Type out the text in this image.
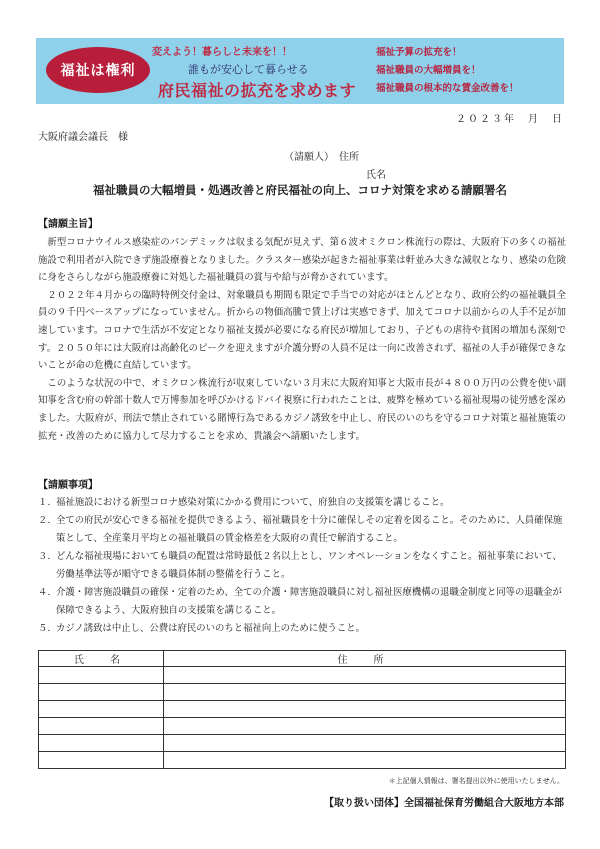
福祉は権利
変えよう！暮らしと未来を！！
誰もが安心して暮らせる
府民福祉の拡充を求めます
福祉予算の拡充を！
福祉職員の大幅増員を！
福祉職員の根本的な賃金改善を！
２０２３年　月　日
大阪府議会議長　様
（請願人）　住所
氏名
福祉職員の大幅増員・処遇改善と府民福祉の向上、コロナ対策を求める請願署名
【請願主旨】

新型コロナウイルス感染症のパンデミックは収まる気配が見えず、第６波オミクロン株流行の際は、大阪府下の多くの福祉施設で利用者が入院できず施設療養となりました。クラスター感染が起きた福祉事業は軒並み大きな減収となり、感染の危険に身をさらしながら施設療養に対処した福祉職員の賞与や給与が脅かされています。

２０２２年４月からの臨時特例交付金は、対象職員も期間も限定で手当での対応がほとんどとなり、政府公約の福祉職員全員の９千円ベースアップになっていません。折からの物価高騰で賃上げは実感できず、加えてコロナ以前からの人手不足が加速しています。コロナで生活が不安定となり福祉支援が必要になる府民が増加しており、子どもの虐待や貧困の増加も深刻です。２０５０年には大阪府は高齢化のピークを迎えますが介護分野の人員不足は一向に改善されず、福祉の人手が確保できないことが命の危機に直結しています。

このような状況の中で、オミクロン株流行が収束していない３月末に大阪府知事と大阪市長が４８００万円の公費を使い副知事を含む府の幹部十数人で万博参加を呼びかけるドバイ視察に行われたことは、疲弊を極めている福祉現場の徒労感を深めました。大阪府が、刑法で禁止されている賭博行為であるカジノ誘致を中止し、府民のいのちを守るコロナ対策と福祉施策の拡充・改善のために協力して尽力することを求め、貴議会へ請願いたします。

【請願事項】
１. 福祉施設における新型コロナ感染対策にかかる費用について、府独自の支援策を講じること。
２. 全ての府民が安心できる福祉を提供できるよう、福祉職員を十分に確保しその定着を図ること。そのために、人員確保施策として、全産業月平均との福祉職員の賃金格差を大阪府の責任で解消すること。
３. どんな福祉現場においても職員の配置は常時最低２名以上とし、ワンオペレーションをなくすこと。福祉事業において、労働基準法等が順守できる職員体制の整備を行うこと。
４. 介護・障害施設職員の確保・定着のため、全ての介護・障害施設職員に対し福祉医療機構の退職金制度と同等の退職金が保障できるよう、大阪府独自の支援策を講じること。
５. カジノ誘致は中止し、公費は府民のいのちと福祉向上のために使うこと。
氏　名	住　所

＊上記個人情報は、署名提出以外に使用いたしません。
【取り扱い団体】全国福祉保育労働組合大阪地方本部
